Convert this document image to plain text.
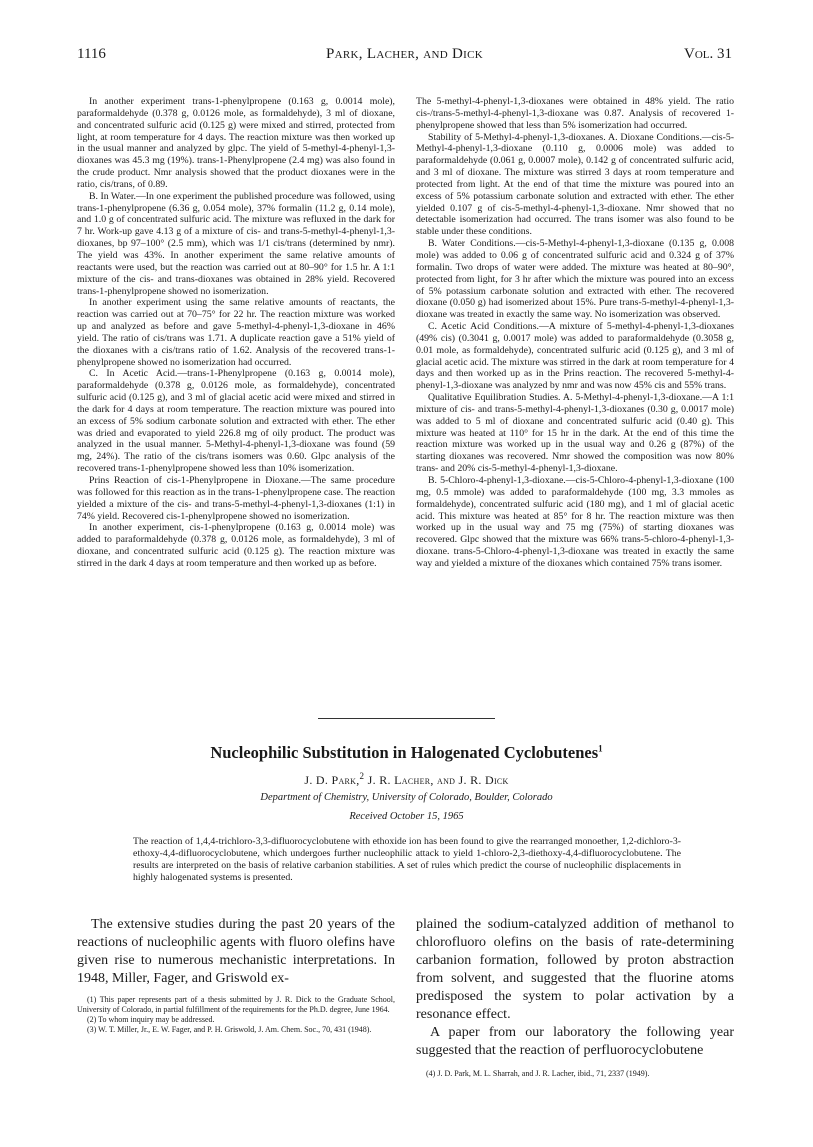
1116	Park, Lacher, and Dick	Vol. 31

In another experiment trans-1-phenylpropene (0.163 g, 0.0014 mole), paraformaldehyde (0.378 g, 0.0126 mole, as formaldehyde), 3 ml of dioxane, and concentrated sulfuric acid (0.125 g) were mixed and stirred, protected from light, at room temperature for 4 days. The reaction mixture was then worked up in the usual manner and analyzed by glpc. The yield of 5-methyl-4-phenyl-1,3-dioxanes was 45.3 mg (19%). trans-1-Phenylpropene (2.4 mg) was also found in the crude product. Nmr analysis showed that the product dioxanes were in the ratio, cis/trans, of 0.89.

B. In Water.—In one experiment the published procedure was followed, using trans-1-phenylpropene (6.36 g, 0.054 mole), 37% formalin (11.2 g, 0.14 mole), and 1.0 g of concentrated sulfuric acid. The mixture was refluxed in the dark for 7 hr. Work-up gave 4.13 g of a mixture of cis- and trans-5-methyl-4-phenyl-1,3-dioxanes, bp 97–100° (2.5 mm), which was 1/1 cis/trans (determined by nmr). The yield was 43%. In another experiment the same relative amounts of reactants were used, but the reaction was carried out at 80–90° for 1.5 hr. A 1:1 mixture of the cis- and trans-dioxanes was obtained in 28% yield. Recovered trans-1-phenylpropene showed no isomerization.

In another experiment using the same relative amounts of reactants, the reaction was carried out at 70–75° for 22 hr. The reaction mixture was worked up and analyzed as before and gave 5-methyl-4-phenyl-1,3-dioxane in 46% yield. The ratio of cis/trans was 1.71. A duplicate reaction gave a 51% yield of the dioxanes with a cis/trans ratio of 1.62. Analysis of the recovered trans-1-phenylpropene showed no isomerization had occurred.

C. In Acetic Acid.—trans-1-Phenylpropene (0.163 g, 0.0014 mole), paraformaldehyde (0.378 g, 0.0126 mole, as formaldehyde), concentrated sulfuric acid (0.125 g), and 3 ml of glacial acetic acid were mixed and stirred in the dark for 4 days at room temperature. The reaction mixture was poured into an excess of 5% sodium carbonate solution and extracted with ether. The ether was dried and evaporated to yield 226.8 mg of oily product. The product was analyzed in the usual manner. 5-Methyl-4-phenyl-1,3-dioxane was found (59 mg, 24%). The ratio of the cis/trans isomers was 0.60. Glpc analysis of the recovered trans-1-phenylpropene showed less than 10% isomerization.

Prins Reaction of cis-1-Phenylpropene in Dioxane.—The same procedure was followed for this reaction as in the trans-1-phenylpropene case. The reaction yielded a mixture of the cis- and trans-5-methyl-4-phenyl-1,3-dioxanes (1:1) in 74% yield. Recovered cis-1-phenylpropene showed no isomerization.

In another experiment, cis-1-phenylpropene (0.163 g, 0.0014 mole) was added to paraformaldehyde (0.378 g, 0.0126 mole, as formaldehyde), 3 ml of dioxane, and concentrated sulfuric acid (0.125 g). The reaction mixture was stirred in the dark 4 days at room temperature and then worked up as before.

The 5-methyl-4-phenyl-1,3-dioxanes were obtained in 48% yield. The ratio cis-/trans-5-methyl-4-phenyl-1,3-dioxane was 0.87. Analysis of recovered 1-phenylpropene showed that less than 5% isomerization had occurred.

Stability of 5-Methyl-4-phenyl-1,3-dioxanes. A. Dioxane Conditions.—cis-5-Methyl-4-phenyl-1,3-dioxane (0.110 g, 0.0006 mole) was added to paraformaldehyde (0.061 g, 0.0007 mole), 0.142 g of concentrated sulfuric acid, and 3 ml of dioxane. The mixture was stirred 3 days at room temperature and protected from light. At the end of that time the mixture was poured into an excess of 5% potassium carbonate solution and extracted with ether. The ether yielded 0.107 g of cis-5-methyl-4-phenyl-1,3-dioxane. Nmr showed that no detectable isomerization had occurred. The trans isomer was also found to be stable under these conditions.

B. Water Conditions.—cis-5-Methyl-4-phenyl-1,3-dioxane (0.135 g, 0.008 mole) was added to 0.06 g of concentrated sulfuric acid and 0.324 g of 37% formalin. Two drops of water were added. The mixture was heated at 80–90°, protected from light, for 3 hr after which the mixture was poured into an excess of 5% potassium carbonate solution and extracted with ether. The recovered dioxane (0.050 g) had isomerized about 15%. Pure trans-5-methyl-4-phenyl-1,3-dioxane was treated in exactly the same way. No isomerization was observed.

C. Acetic Acid Conditions.—A mixture of 5-methyl-4-phenyl-1,3-dioxanes (49% cis) (0.3041 g, 0.0017 mole) was added to paraformaldehyde (0.3058 g, 0.01 mole, as formaldehyde), concentrated sulfuric acid (0.125 g), and 3 ml of glacial acetic acid. The mixture was stirred in the dark at room temperature for 4 days and then worked up as in the Prins reaction. The recovered 5-methyl-4-phenyl-1,3-dioxane was analyzed by nmr and was now 45% cis and 55% trans.

Qualitative Equilibration Studies. A. 5-Methyl-4-phenyl-1,3-dioxane.—A 1:1 mixture of cis- and trans-5-methyl-4-phenyl-1,3-dioxanes (0.30 g, 0.0017 mole) was added to 5 ml of dioxane and concentrated sulfuric acid (0.40 g). This mixture was heated at 110° for 15 hr in the dark. At the end of this time the reaction mixture was worked up in the usual way and 0.26 g (87%) of the starting dioxanes was recovered. Nmr showed the composition was now 80% trans- and 20% cis-5-methyl-4-phenyl-1,3-dioxane.

B. 5-Chloro-4-phenyl-1,3-dioxane.—cis-5-Chloro-4-phenyl-1,3-dioxane (100 mg, 0.5 mmole) was added to paraformaldehyde (100 mg, 3.3 mmoles as formaldehyde), concentrated sulfuric acid (180 mg), and 1 ml of glacial acetic acid. This mixture was heated at 85° for 8 hr. The reaction mixture was then worked up in the usual way and 75 mg (75%) of starting dioxanes was recovered. Glpc showed that the mixture was 66% trans-5-chloro-4-phenyl-1,3-dioxane. trans-5-Chloro-4-phenyl-1,3-dioxane was treated in exactly the same way and yielded a mixture of the dioxanes which contained 75% trans isomer.

Nucleophilic Substitution in Halogenated Cyclobutenes$^1$
J. D. Park,$^2$ J. R. Lacher, and J. R. Dick
Department of Chemistry, University of Colorado, Boulder, Colorado
Received October 15, 1965
The reaction of 1,4,4-trichloro-3,3-difluorocyclobutene with ethoxide ion has been found to give the rearranged monoether, 1,2-dichloro-3-ethoxy-4,4-difluorocyclobutene, which undergoes further nucleophilic attack to yield 1-chloro-2,3-diethoxy-4,4-difluorocyclobutene. The results are interpreted on the basis of relative carbanion stabilities. A set of rules which predict the course of nucleophilic displacements in highly halogenated systems is presented.

The extensive studies during the past 20 years of the reactions of nucleophilic agents with fluoro olefins have given rise to numerous mechanistic interpretations. In 1948, Miller, Fager, and Griswold ex-

plained the sodium-catalyzed addition of methanol to chlorofluoro olefins on the basis of rate-determining carbanion formation, followed by proton abstraction from solvent, and suggested that the fluorine atoms predisposed the system to polar activation by a resonance effect.

A paper from our laboratory the following year suggested that the reaction of perfluorocyclobutene

(1) This paper represents part of a thesis submitted by J. R. Dick to the Graduate School, University of Colorado, in partial fulfillment of the requirements for the Ph.D. degree, June 1964.

(2) To whom inquiry may be addressed.

(3) W. T. Miller, Jr., E. W. Fager, and P. H. Griswold, J. Am. Chem. Soc., 70, 431 (1948).

(4) J. D. Park, M. L. Sharrah, and J. R. Lacher, ibid., 71, 2337 (1949).
